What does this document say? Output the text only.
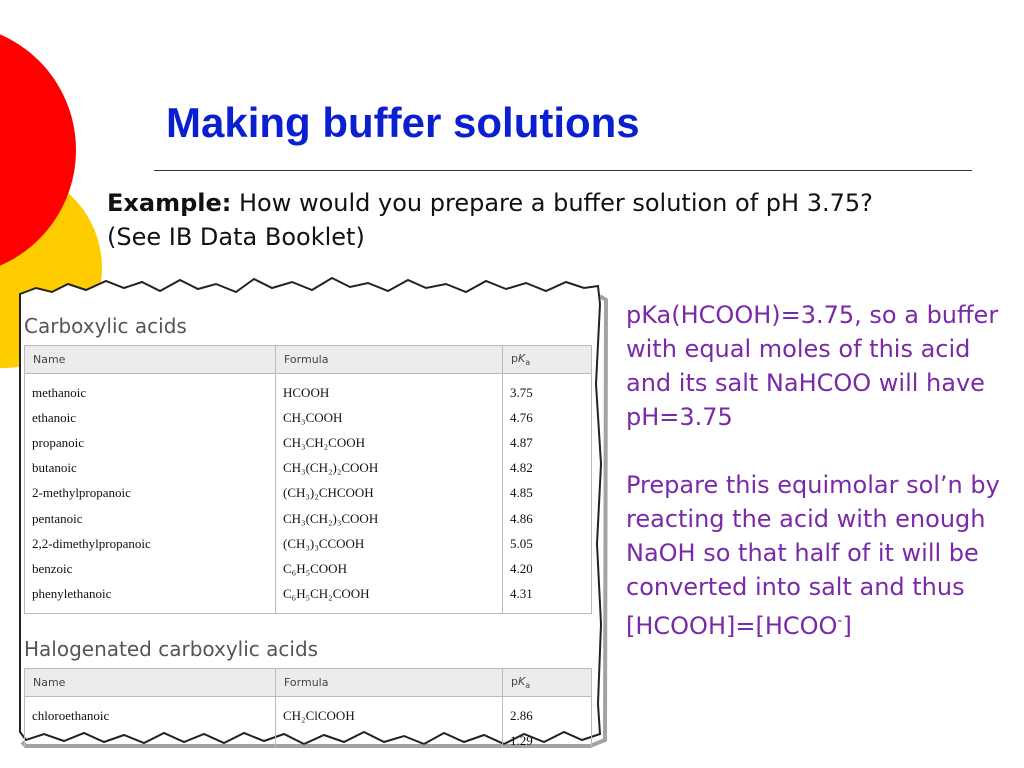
Making buffer solutions
Example: How would you prepare a buffer solution of pH 3.75?
(See IB Data Booklet)
Carboxylic acids
Name	Formula	$pK_a$
methanoic	HCOOH	3.75
ethanoic	CH₃COOH	4.76
propanoic	CH₃CH₂COOH	4.87
butanoic	CH₃(CH₂)₂COOH	4.82
2-methylpropanoic	(CH₃)₂CHCOOH	4.85
pentanoic	CH₃(CH₂)₃COOH	4.86
2,2-dimethylpropanoic	(CH₃)₃CCOOH	5.05
benzoic	C₆H₅COOH	4.20
phenylethanoic	C₆H₅CH₂COOH	4.31
Halogenated carboxylic acids
Name	Formula	$pK_a$
chloroethanoic	CH₂ClCOOH	2.86
		1.29

pKa(HCOOH)=3.75, so a buffer with equal moles of this acid and its salt NaHCOO will have pH=3.75

Prepare this equimolar sol’n by reacting the acid with enough NaOH so that half of it will be converted into salt and thus [HCOOH]=[HCOO-]
